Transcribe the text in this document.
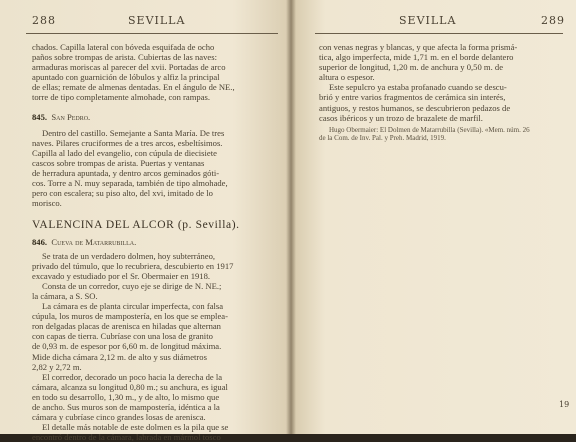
288	SEVILLA

chados. Capilla lateral con bóveda esquifada de ocho

paños sobre trompas de arista. Cubiertas de las naves:

armaduras moriscas al parecer del xvii. Portadas de arco

apuntado con guarnición de lóbulos y alfiz la principal

de ellas; remate de almenas dentadas. En el ángulo de NE.,

torre de tipo completamente almohade, con rampas.

845. San Pedro.

Dentro del castillo. Semejante a Santa María. De tres

naves. Pilares cruciformes de a tres arcos, esbeltísimos.

Capilla al lado del evangelio, con cúpula de diecisiete

cascos sobre trompas de arista. Puertas y ventanas

de herradura apuntada, y dentro arcos geminados góti-

cos. Torre a N. muy separada, también de tipo almohade,

pero con escalera; su piso alto, del xvi, imitado de lo

morisco.

VALENCINA DEL ALCOR (p. Sevilla).
846. Cueva de Matarrubilla.

Se trata de un verdadero dolmen, hoy subterráneo,

privado del túmulo, que lo recubriera, descubierto en 1917

excavado y estudiado por el Sr. Obermaier en 1918.

Consta de un corredor, cuyo eje se dirige de N. NE.;

la cámara, a S. SO.

La cámara es de planta circular imperfecta, con falsa

cúpula, los muros de mampostería, en los que se emplea-

ron delgadas placas de arenisca en hiladas que alternan

con capas de tierra. Cubríase con una losa de granito

de 0,93 m. de espesor por 6,60 m. de longitud máxima.

Mide dicha cámara 2,12 m. de alto y sus diámetros

2,82 y 2,72 m.

El corredor, decorado un poco hacia la derecha de la

cámara, alcanza su longitud 0,80 m.; su anchura, es igual

en todo su desarrollo, 1,30 m., y de alto, lo mismo que

de ancho. Sus muros son de mampostería, idéntica a la

cámara y cubríase cinco grandes losas de arenisca.

El detalle más notable de este dolmen es la pila que se

encontró dentro de la cámara, labrada en mármol tosco

SEVILLA	289

con venas negras y blancas, y que afecta la forma prismá-

tica, algo imperfecta, mide 1,71 m. en el borde delantero

superior de longitud, 1,20 m. de anchura y 0,50 m. de

altura o espesor.

Este sepulcro ya estaba profanado cuando se descu-

brió y entre varios fragmentos de cerámica sin interés,

antiguos, y restos humanos, se descubrieron pedazos de

casos ibéricos y un trozo de brazalete de marfil.

Hugo Obermaier: El Dolmen de Matarrubilla (Sevilla). «Mem. núm. 26

de la Com. de Inv. Pal. y Preh. Madrid, 1919.

19
